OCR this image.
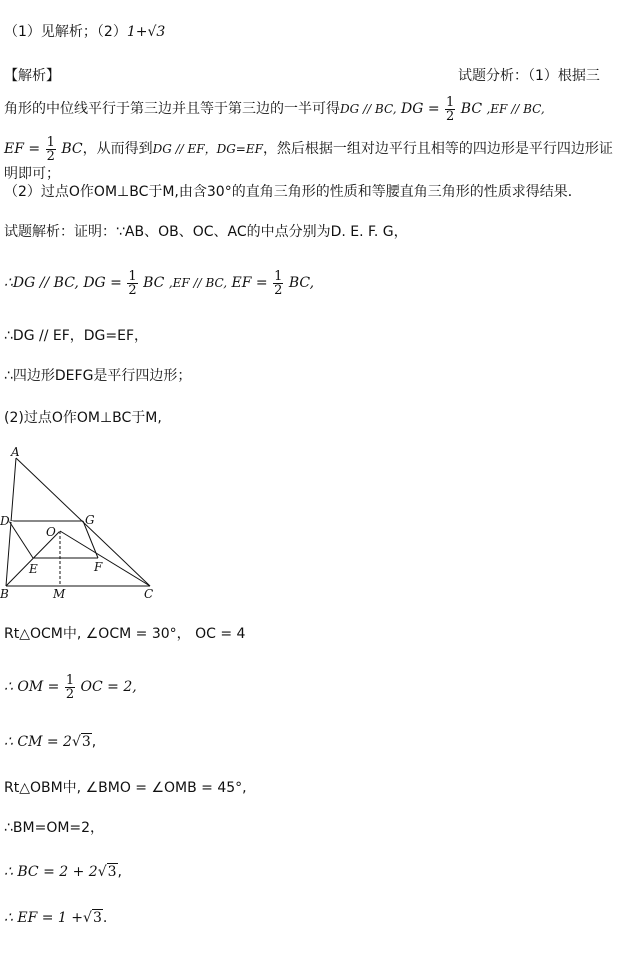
（1）见解析；（2）1+√3
【解析】	试题分析：（1）根据三
角形的中位线平行于第三边并且等于第三边的一半可得DG // BC, DG = $\frac{1}{2}$ BC ,EF // BC,
EF = $\frac{1}{2}$ BC，从而得到DG // EF，DG=EF，然后根据一组对边平行且相等的四边形是平行四边形证
明即可；
（2）过点O作OM⊥BC于M,由含30°的直角三角形的性质和等腰直角三角形的性质求得结果．
试题解析：证明：∵AB、OB、OC、AC的中点分别为D. E. F. G，
∴DG // BC, DG = $\frac{1}{2}$ BC ,EF // BC, EF = $\frac{1}{2}$ BC,
∴DG // EF，DG=EF，
∴四边形DEFG是平行四边形；
(2)过点O作OM⊥BC于M,
A
D	G
O
E	F
B	M	C
Rt△OCM中, ∠OCM = 30°， OC = 4
∴ OM = $\frac{1}{2}$ OC = 2,
∴ CM = 2√3,
Rt△OBM中, ∠BMO = ∠OMB = 45°,
∴BM=OM=2，
∴ BC = 2 + 2√3,
∴ EF = 1 +√3.
